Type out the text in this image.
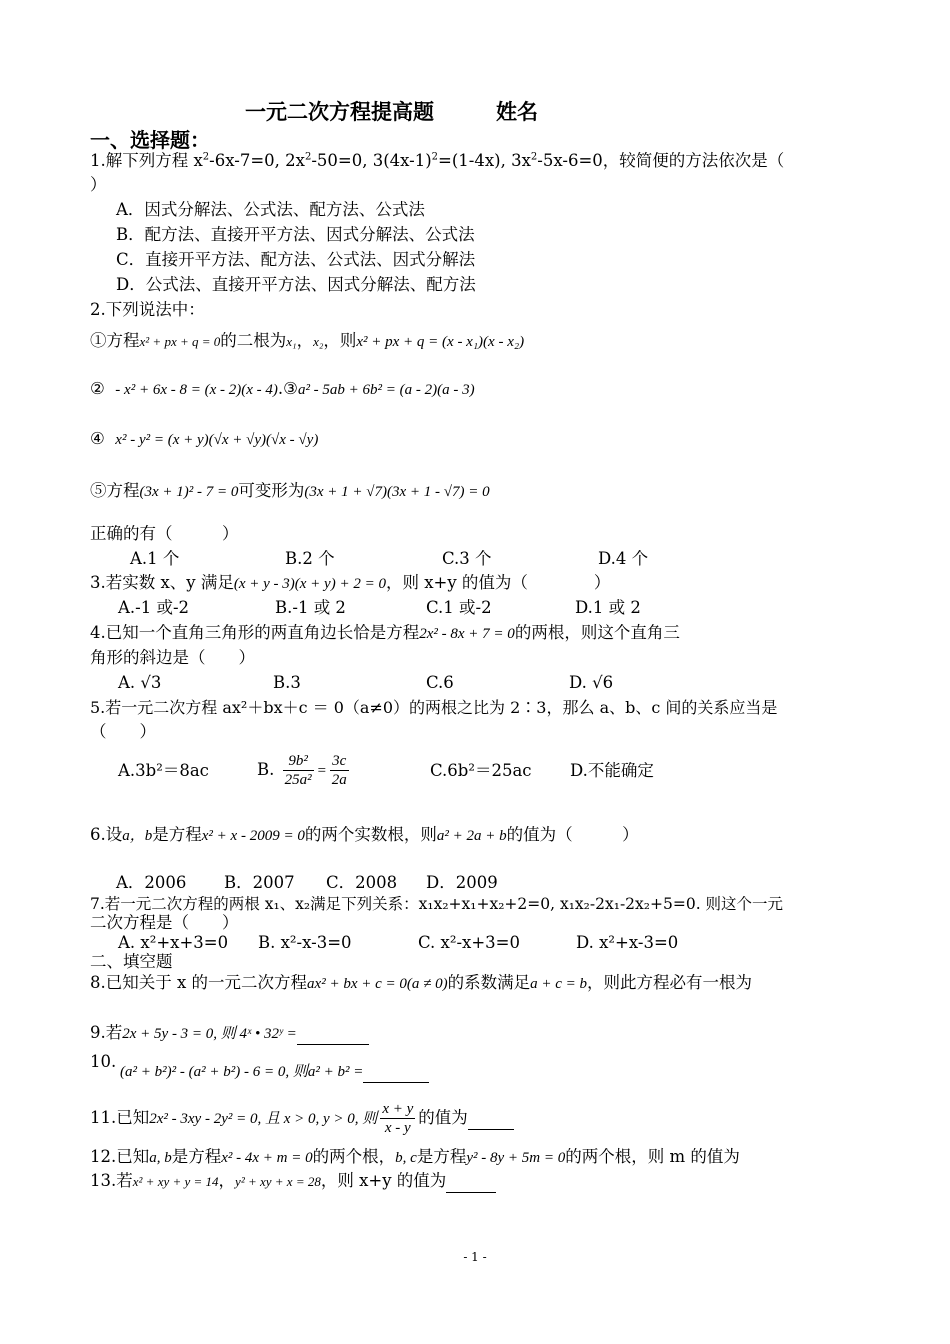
一元二次方程提高题	姓名
一、选择题：
1.解下列方程 $x^2-6x-7=0$, $2x^2-50=0$, $3(4x-1)^2=(1-4x)$, $3x^2-5x-6=0$，较简便的方法依次是（
）
A．因式分解法、公式法、配方法、公式法
B．配方法、直接开平方法、因式分解法、公式法
C．直接开平方法、配方法、公式法、因式分解法
D．公式法、直接开平方法、因式分解法、配方法
2.下列说法中：
①方程x² + px + q = 0的二根为x₁，x₂，则x² + px + q = (x - x₁)(x - x₂)
② - x² + 6x - 8 = (x - 2)(x - 4).③a² - 5ab + 6b² = (a - 2)(a - 3)
④ x² - y² = (x + y)(√x + √y)(√x - √y)
⑤方程(3x + 1)² - 7 = 0可变形为(3x + 1 + √7)(3x + 1 - √7) = 0
正确的有（　　　）
A.1 个	B.2 个	C.3 个	D.4 个
3.若实数 x、y 满足(x + y - 3)(x + y) + 2 = 0，则 x+y 的值为（　　　　）
A.-1 或-2	B.-1 或 2	C.1 或-2	D.1 或 2
4.已知一个直角三角形的两直角边长恰是方程2x² - 8x + 7 = 0的两根，则这个直角三
角形的斜边是（　　）
A. √3	B.3	C.6	D. √6
5.若一元二次方程 ax²＋bx＋c ＝ 0（a≠0）的两根之比为 2∶3，那么 a、b、c 间的关系应当是
（　　）
A.3b²＝8ac	B. $\frac{\text{9b²}}{\text{25a²}} = \frac{3c}{2a}$	C.6b²＝25ac D.不能确定
6.设a，b是方程x² + x - 2009 = 0的两个实数根，则a² + 2a + b的值为（　　　）
A．2006 B．2007 C．2008 D．2009
7.若一元二次方程的两根 x₁、x₂满足下列关系：x₁x₂+x₁+x₂+2=0, x₁x₂-2x₁-2x₂+5=0. 则这个一元
二次方程是（　　）
A. x²+x+3=0 B. x²-x-3=0	C. x²-x+3=0	D. x²+x-3=0
二、填空题
8.已知关于 x 的一元二次方程ax² + bx + c = 0(a ≠ 0)的系数满足a + c = b，则此方程必有一根为
9.若2x + 5y - 3 = 0, 则 4ˣ • 32ʸ =
10.
(a² + b²)² - (a² + b²) - 6 = 0, 则a² + b² =
11.已知2x² - 3xy - 2y² = 0, 且 x > 0, y > 0, 则 $\frac{x + y}{x - y}$ 的值为
12.已知a, b是方程x² - 4x + m = 0的两个根，b, c是方程y² - 8y + 5m = 0的两个根，则 m 的值为
13.若x² + xy + y = 14，y² + xy + x = 28，则 x+y 的值为
- 1 -
